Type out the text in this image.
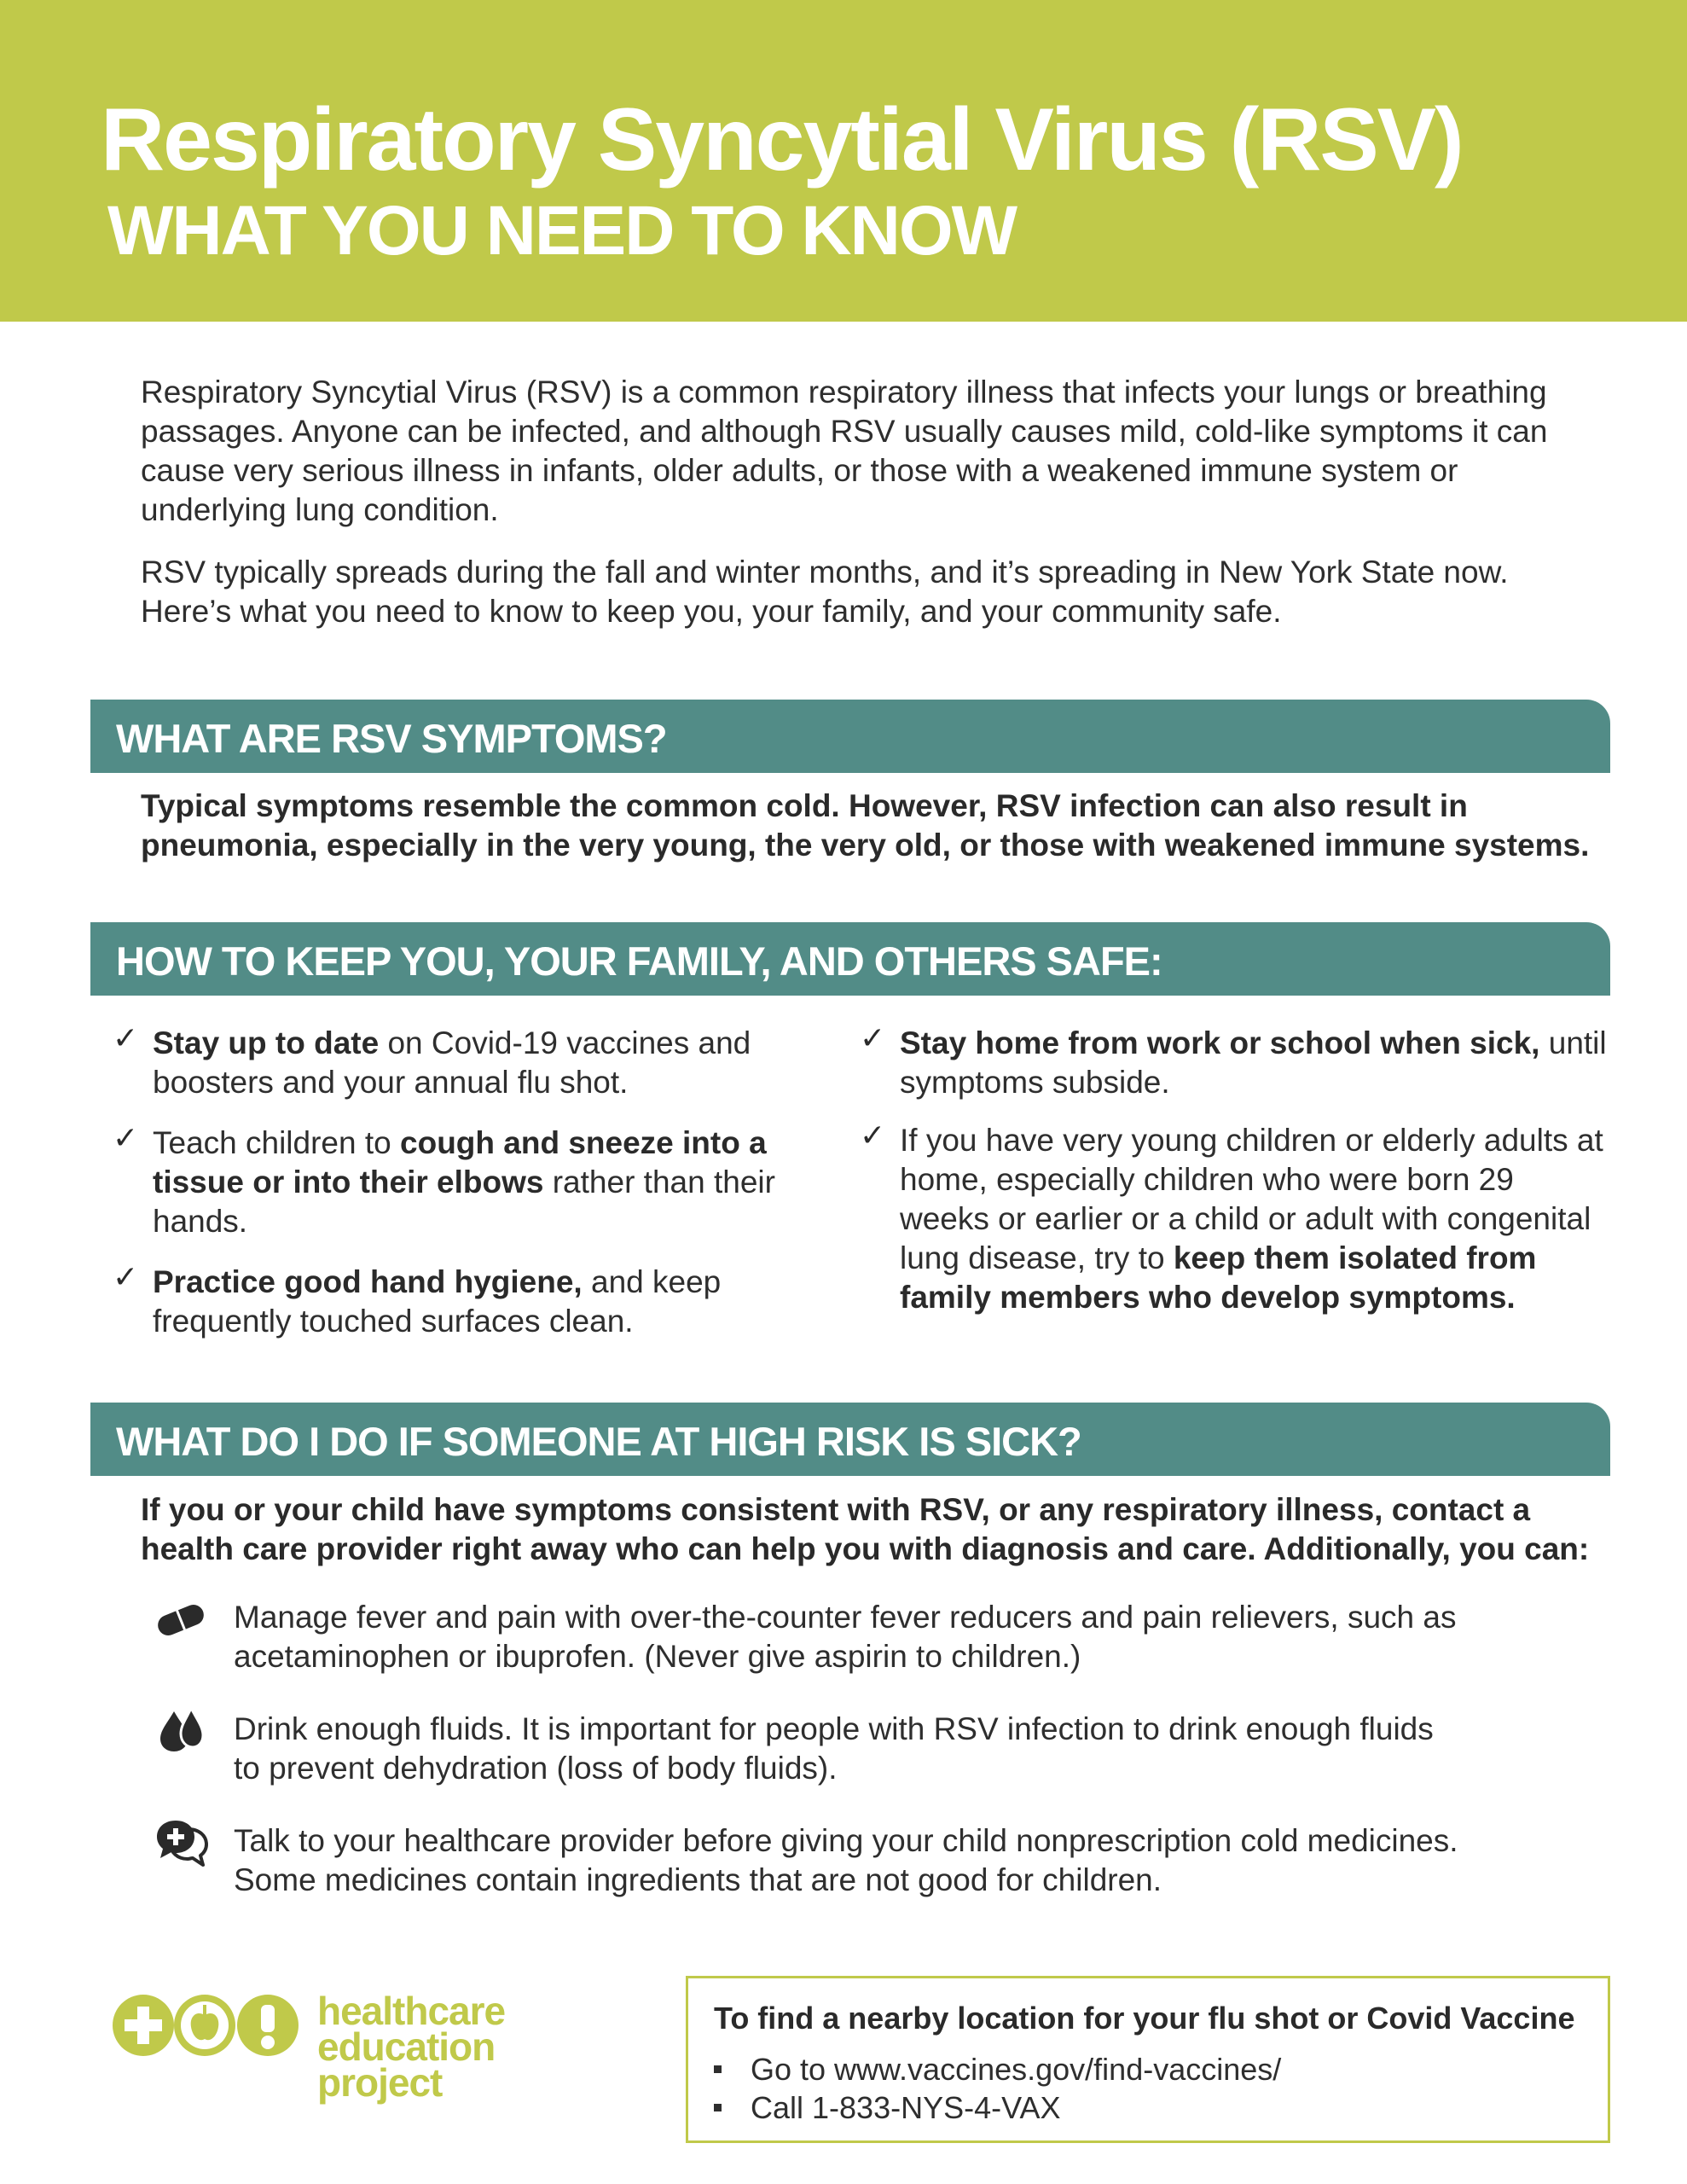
Respiratory Syncytial Virus (RSV)
WHAT YOU NEED TO KNOW

Respiratory Syncytial Virus (RSV) is a common respiratory illness that infects your lungs or breathing passages. Anyone can be infected, and although RSV usually causes mild, cold-like symptoms it can cause very serious illness in infants, older adults, or those with a weakened immune system or underlying lung condition.

RSV typically spreads during the fall and winter months, and it’s spreading in New York State now. Here’s what you need to know to keep you, your family, and your community safe.

WHAT ARE RSV SYMPTOMS?

Typical symptoms resemble the common cold. However, RSV infection can also result in pneumonia, especially in the very young, the very old, or those with weakened immune systems.

HOW TO KEEP YOU, YOUR FAMILY, AND OTHERS SAFE:
✓ Stay up to date on Covid-19 vaccines and boosters and your annual flu shot.

✓ Teach children to cough and sneeze into a tissue or into their elbows rather than their hands.

✓ Practice good hand hygiene, and keep frequently touched surfaces clean.

✓ Stay home from work or school when sick, until symptoms subside.

✓ If you have very young children or elderly adults at home, especially children who were born 29 weeks or earlier or a child or adult with congenital lung disease, try to keep them isolated from family members who develop symptoms.

WHAT DO I DO IF SOMEONE AT HIGH RISK IS SICK?

If you or your child have symptoms consistent with RSV, or any respiratory illness, contact a health care provider right away who can help you with diagnosis and care. Additionally, you can:

Manage fever and pain with over-the-counter fever reducers and pain relievers, such as acetaminophen or ibuprofen. (Never give aspirin to children.)

Drink enough fluids. It is important for people with RSV infection to drink enough fluids to prevent dehydration (loss of body fluids).

Talk to your healthcare provider before giving your child nonprescription cold medicines. Some medicines contain ingredients that are not good for children.

healthcare
education
project

To find a nearby location for your flu shot or Covid Vaccine

Go to www.vaccines.gov/find-vaccines/
Call 1-833-NYS-4-VAX
